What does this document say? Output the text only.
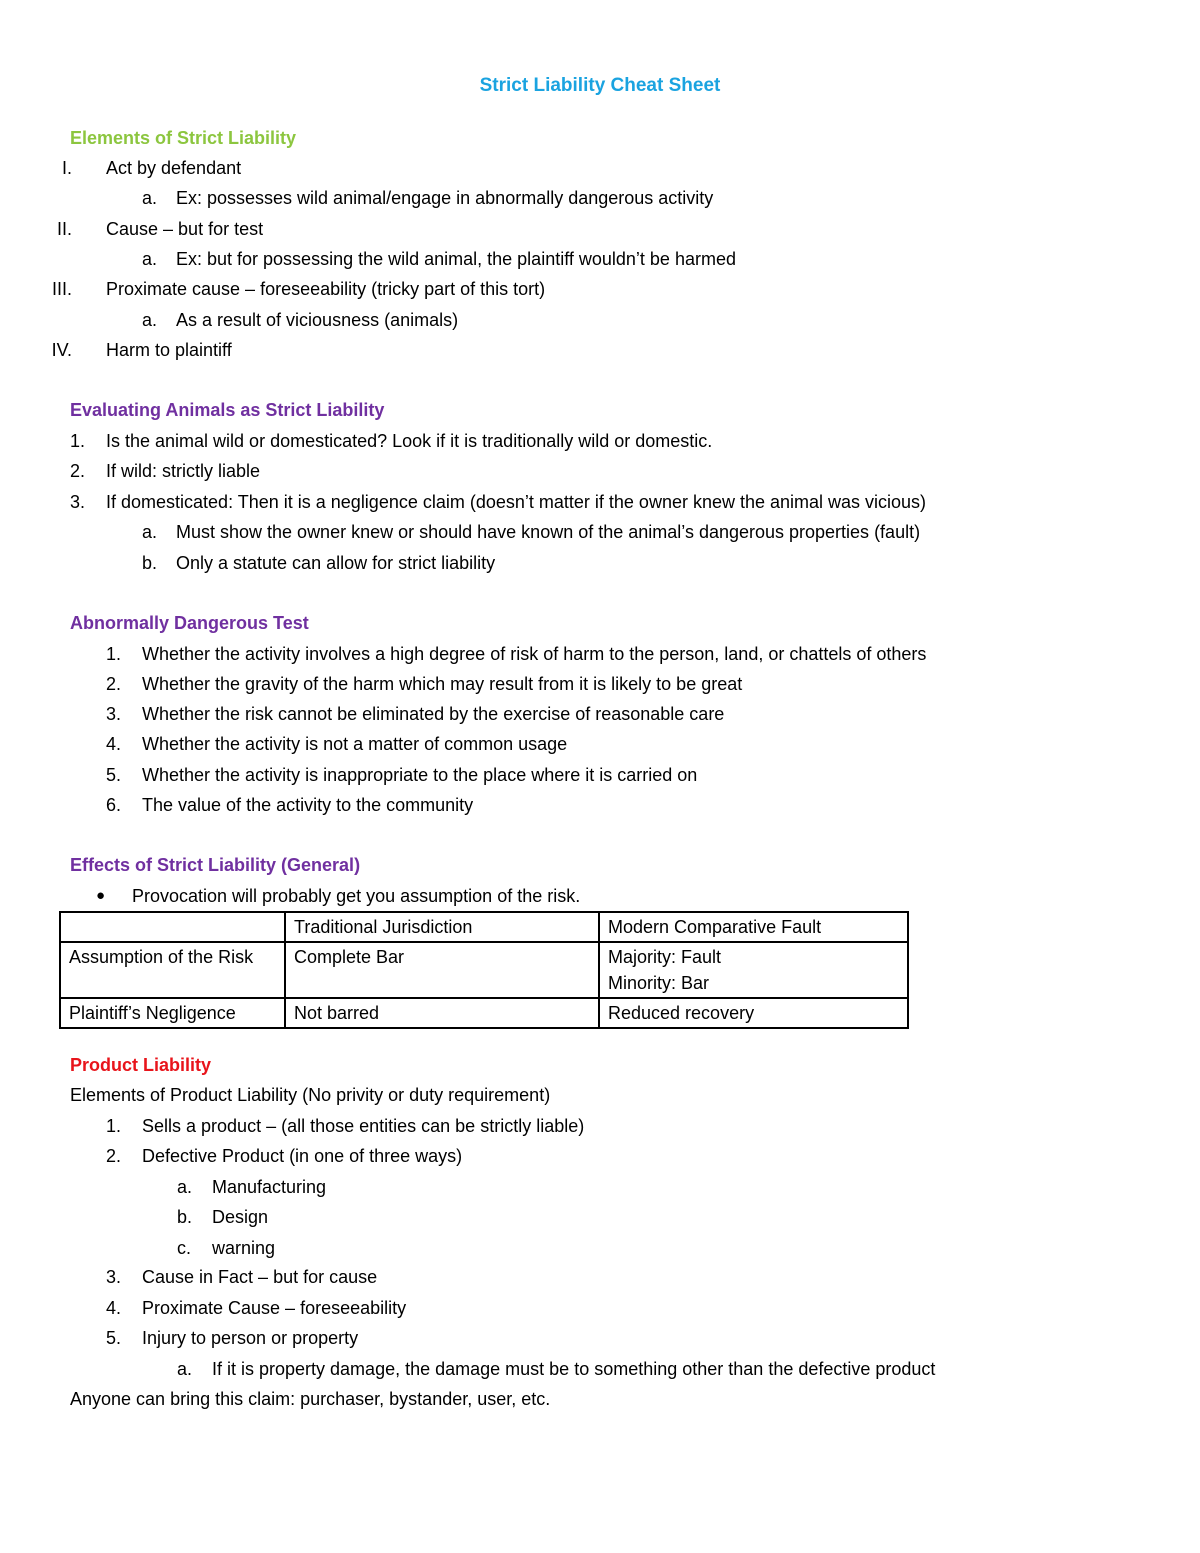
Strict Liability Cheat Sheet
Elements of Strict Liability
I. Act by defendant
a. Ex: possesses wild animal/engage in abnormally dangerous activity
II. Cause – but for test
a. Ex: but for possessing the wild animal, the plaintiff wouldn’t be harmed
III. Proximate cause – foreseeability (tricky part of this tort)
a. As a result of viciousness (animals)
IV. Harm to plaintiff
Evaluating Animals as Strict Liability
1. Is the animal wild or domesticated? Look if it is traditionally wild or domestic.
2. If wild: strictly liable
3. If domesticated: Then it is a negligence claim (doesn’t matter if the owner knew the animal was vicious)
a. Must show the owner knew or should have known of the animal’s dangerous properties (fault)
b. Only a statute can allow for strict liability
Abnormally Dangerous Test
1. Whether the activity involves a high degree of risk of harm to the person, land, or chattels of others
2. Whether the gravity of the harm which may result from it is likely to be great
3. Whether the risk cannot be eliminated by the exercise of reasonable care
4. Whether the activity is not a matter of common usage
5. Whether the activity is inappropriate to the place where it is carried on
6. The value of the activity to the community
Effects of Strict Liability (General)
● Provocation will probably get you assumption of the risk.
	Traditional Jurisdiction	Modern Comparative Fault
Assumption of the Risk	Complete Bar	Majority: Fault
Minority: Bar

Plaintiff’s Negligence	Not barred	Reduced recovery
Product Liability
Elements of Product Liability (No privity or duty requirement)
1. Sells a product – (all those entities can be strictly liable)
2. Defective Product (in one of three ways)
a. Manufacturing
b. Design
c. warning
3. Cause in Fact – but for cause
4. Proximate Cause – foreseeability
5. Injury to person or property
a. If it is property damage, the damage must be to something other than the defective product
Anyone can bring this claim: purchaser, bystander, user, etc.
